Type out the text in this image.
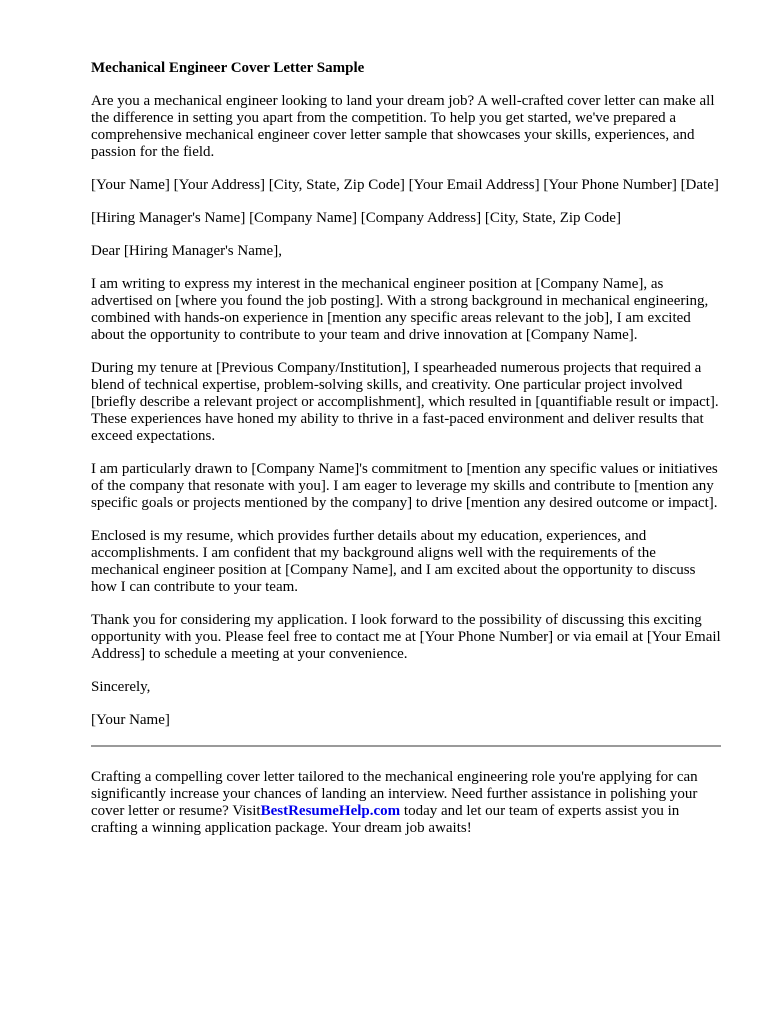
Mechanical Engineer Cover Letter Sample

Are you a mechanical engineer looking to land your dream job? A well-crafted cover letter can make all the difference in setting you apart from the competition. To help you get started, we've prepared a comprehensive mechanical engineer cover letter sample that showcases your skills, experiences, and passion for the field.

[Your Name] [Your Address] [City, State, Zip Code] [Your Email Address] [Your Phone Number] [Date]

[Hiring Manager's Name] [Company Name] [Company Address] [City, State, Zip Code]

Dear [Hiring Manager's Name],

I am writing to express my interest in the mechanical engineer position at [Company Name], as advertised on [where you found the job posting]. With a strong background in mechanical engineering, combined with hands-on experience in [mention any specific areas relevant to the job], I am excited about the opportunity to contribute to your team and drive innovation at [Company Name].

During my tenure at [Previous Company/Institution], I spearheaded numerous projects that required a blend of technical expertise, problem-solving skills, and creativity. One particular project involved [briefly describe a relevant project or accomplishment], which resulted in [quantifiable result or impact]. These experiences have honed my ability to thrive in a fast-paced environment and deliver results that exceed expectations.

I am particularly drawn to [Company Name]'s commitment to [mention any specific values or initiatives of the company that resonate with you]. I am eager to leverage my skills and contribute to [mention any specific goals or projects mentioned by the company] to drive [mention any desired outcome or impact].

Enclosed is my resume, which provides further details about my education, experiences, and accomplishments. I am confident that my background aligns well with the requirements of the mechanical engineer position at [Company Name], and I am excited about the opportunity to discuss how I can contribute to your team.

Thank you for considering my application. I look forward to the possibility of discussing this exciting opportunity with you. Please feel free to contact me at [Your Phone Number] or via email at [Your Email Address] to schedule a meeting at your convenience.

Sincerely,

[Your Name]

Crafting a compelling cover letter tailored to the mechanical engineering role you're applying for can significantly increase your chances of landing an interview. Need further assistance in polishing your cover letter or resume? VisitBestResumeHelp.com today and let our team of experts assist you in crafting a winning application package. Your dream job awaits!
